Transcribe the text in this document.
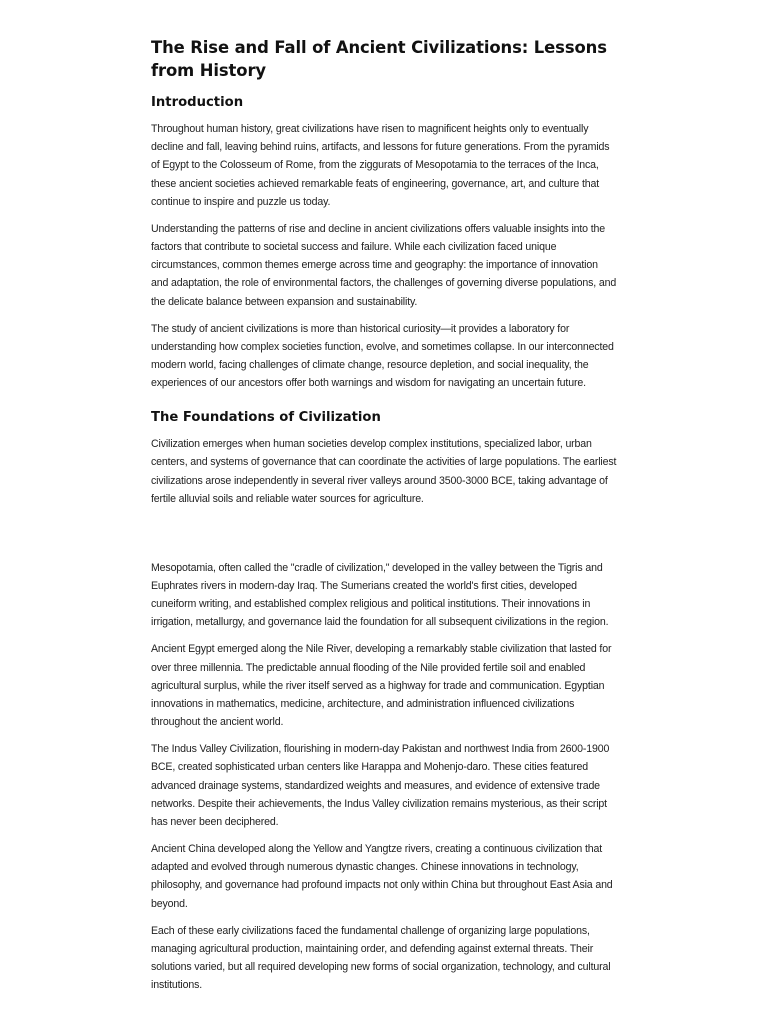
The Rise and Fall of Ancient Civilizations: Lessons from History
Introduction

Throughout human history, great civilizations have risen to magnificent heights only to eventually decline and fall, leaving behind ruins, artifacts, and lessons for future generations. From the pyramids of Egypt to the Colosseum of Rome, from the ziggurats of Mesopotamia to the terraces of the Inca, these ancient societies achieved remarkable feats of engineering, governance, art, and culture that continue to inspire and puzzle us today.

Understanding the patterns of rise and decline in ancient civilizations offers valuable insights into the factors that contribute to societal success and failure. While each civilization faced unique circumstances, common themes emerge across time and geography: the importance of innovation and adaptation, the role of environmental factors, the challenges of governing diverse populations, and the delicate balance between expansion and sustainability.

The study of ancient civilizations is more than historical curiosity—it provides a laboratory for understanding how complex societies function, evolve, and sometimes collapse. In our interconnected modern world, facing challenges of climate change, resource depletion, and social inequality, the experiences of our ancestors offer both warnings and wisdom for navigating an uncertain future.

The Foundations of Civilization

Civilization emerges when human societies develop complex institutions, specialized labor, urban centers, and systems of governance that can coordinate the activities of large populations. The earliest civilizations arose independently in several river valleys around 3500-3000 BCE, taking advantage of fertile alluvial soils and reliable water sources for agriculture.

Mesopotamia, often called the "cradle of civilization," developed in the valley between the Tigris and Euphrates rivers in modern-day Iraq. The Sumerians created the world's first cities, developed cuneiform writing, and established complex religious and political institutions. Their innovations in irrigation, metallurgy, and governance laid the foundation for all subsequent civilizations in the region.

Ancient Egypt emerged along the Nile River, developing a remarkably stable civilization that lasted for over three millennia. The predictable annual flooding of the Nile provided fertile soil and enabled agricultural surplus, while the river itself served as a highway for trade and communication. Egyptian innovations in mathematics, medicine, architecture, and administration influenced civilizations throughout the ancient world.

The Indus Valley Civilization, flourishing in modern-day Pakistan and northwest India from 2600-1900 BCE, created sophisticated urban centers like Harappa and Mohenjo-daro. These cities featured advanced drainage systems, standardized weights and measures, and evidence of extensive trade networks. Despite their achievements, the Indus Valley civilization remains mysterious, as their script has never been deciphered.

Ancient China developed along the Yellow and Yangtze rivers, creating a continuous civilization that adapted and evolved through numerous dynastic changes. Chinese innovations in technology, philosophy, and governance had profound impacts not only within China but throughout East Asia and beyond.

Each of these early civilizations faced the fundamental challenge of organizing large populations, managing agricultural production, maintaining order, and defending against external threats. Their solutions varied, but all required developing new forms of social organization, technology, and cultural institutions.
